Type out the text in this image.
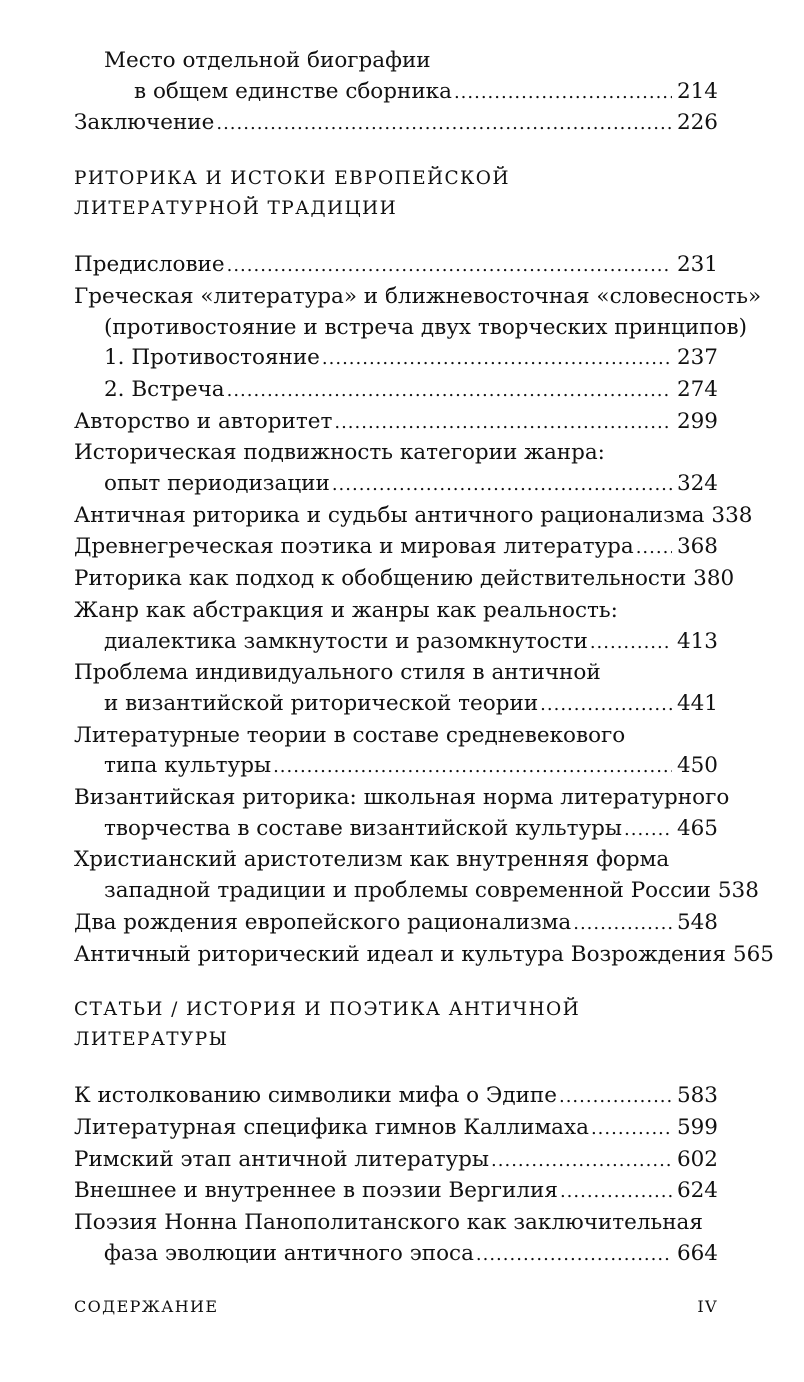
Место отдельной биографии
в общем единстве сборника .....	214
Заключение .....	226
РИТОРИКА И ИСТОКИ ЕВРОПЕЙСКОЙ
ЛИТЕРАТУРНОЙ ТРАДИЦИИ
Предисловие .....	231
Греческая «литература» и ближневосточная «словесность»
(противостояние и встреча двух творческих принципов)
1. Противостояние .....	237
2. Встреча .....	274
Авторство и авторитет .....	299
Историческая подвижность категории жанра:
опыт периодизации .....	324
Античная риторика и судьбы античного рационализма 338
Древнегреческая поэтика и мировая литература ..... 368
Риторика как подход к обобщению действительности 380
Жанр как абстракция и жанры как реальность:
диалектика замкнутости и разомкнутости .....	413
Проблема индивидуального стиля в античной
и византийской риторической теории .....	441
Литературные теории в составе средневекового
типа культуры .....	450
Византийская риторика: школьная норма литературного
творчества в составе византийской культуры .....	465
Христианский аристотелизм как внутренняя форма
западной традиции и проблемы современной России 538
Два рождения европейского рационализма .....	548
Античный риторический идеал и культура Возрождения 565
СТАТЬИ / ИСТОРИЯ И ПОЭТИКА АНТИЧНОЙ ЛИТЕРАТУРЫ
К истолкованию символики мифа о Эдипе .....	583
Литературная специфика гимнов Каллимаха .....	599
Римский этап античной литературы .....	602
Внешнее и внутреннее в поэзии Вергилия .....	624
Поэзия Нонна Панополитанского как заключительная
фаза эволюции античного эпоса .....	664
СОДЕРЖАНИЕ	IV
